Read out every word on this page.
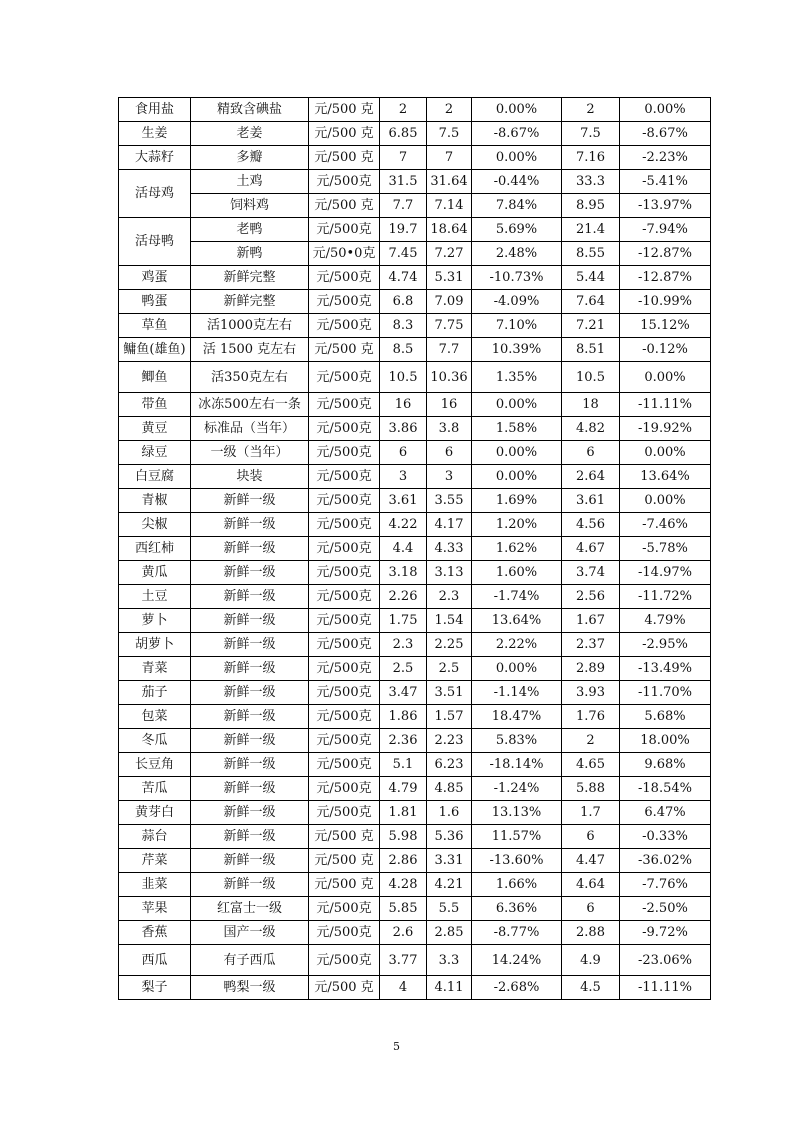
食用盐	精致含碘盐	元/500 克	2	2	0.00%	2	0.00%
生姜	老姜	元/500 克	6.85	7.5	-8.67%	7.5	-8.67%
大蒜籽	多瓣	元/500 克	7	7	0.00%	7.16	-2.23%
活母鸡	土鸡	元/500克	31.5	31.64	-0.44%	33.3	-5.41%
	饲料鸡	元/500 克	7.7	7.14	7.84%	8.95	-13.97%
活母鸭	老鸭	元/500克	19.7	18.64	5.69%	21.4	-7.94%
	新鸭	元/50•0克	7.45	7.27	2.48%	8.55	-12.87%
鸡蛋	新鲜完整	元/500克	4.74	5.31	-10.73%	5.44	-12.87%
鸭蛋	新鲜完整	元/500克	6.8	7.09	-4.09%	7.64	-10.99%
草鱼	活1000克左右	元/500克	8.3	7.75	7.10%	7.21	15.12%
鳙鱼(雄鱼)	活 1500 克左右	元/500 克	8.5	7.7	10.39%	8.51	-0.12%
鲫鱼	活350克左右	元/500克	10.5	10.36	1.35%	10.5	0.00%
带鱼	冰冻500左右一条	元/500克	16	16	0.00%	18	-11.11%
黄豆	标准品（当年）	元/500克	3.86	3.8	1.58%	4.82	-19.92%
绿豆	一级（当年）	元/500克	6	6	0.00%	6	0.00%
白豆腐	块装	元/500克	3	3	0.00%	2.64	13.64%
青椒	新鲜一级	元/500克	3.61	3.55	1.69%	3.61	0.00%
尖椒	新鲜一级	元/500克	4.22	4.17	1.20%	4.56	-7.46%
西红柿	新鲜一级	元/500克	4.4	4.33	1.62%	4.67	-5.78%
黄瓜	新鲜一级	元/500克	3.18	3.13	1.60%	3.74	-14.97%
土豆	新鲜一级	元/500克	2.26	2.3	-1.74%	2.56	-11.72%
萝卜	新鲜一级	元/500克	1.75	1.54	13.64%	1.67	4.79%
胡萝卜	新鲜一级	元/500克	2.3	2.25	2.22%	2.37	-2.95%
青菜	新鲜一级	元/500克	2.5	2.5	0.00%	2.89	-13.49%
茄子	新鲜一级	元/500克	3.47	3.51	-1.14%	3.93	-11.70%
包菜	新鲜一级	元/500克	1.86	1.57	18.47%	1.76	5.68%
冬瓜	新鲜一级	元/500克	2.36	2.23	5.83%	2	18.00%
长豆角	新鲜一级	元/500克	5.1	6.23	-18.14%	4.65	9.68%
苦瓜	新鲜一级	元/500克	4.79	4.85	-1.24%	5.88	-18.54%
黄芽白	新鲜一级	元/500克	1.81	1.6	13.13%	1.7	6.47%
蒜台	新鲜一级	元/500 克	5.98	5.36	11.57%	6	-0.33%
芹菜	新鲜一级	元/500 克	2.86	3.31	-13.60%	4.47	-36.02%
韭菜	新鲜一级	元/500 克	4.28	4.21	1.66%	4.64	-7.76%
苹果	红富士一级	元/500克	5.85	5.5	6.36%	6	-2.50%
香蕉	国产一级	元/500克	2.6	2.85	-8.77%	2.88	-9.72%
西瓜	有子西瓜	元/500克	3.77	3.3	14.24%	4.9	-23.06%
梨子	鸭梨一级	元/500 克	4	4.11	-2.68%	4.5	-11.11%
5
